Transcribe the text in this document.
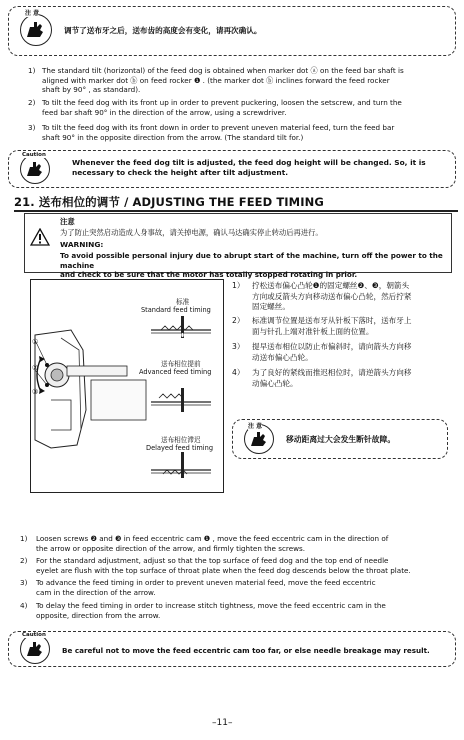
注 意
调节了送布牙之后，送布齿的高度会有变化，请再次确认。
1) The standard tilt (horizontal) of the feed dog is obtained when marker dot ⓐ on the feed bar shaft is
aligned with marker dot ⓑ on feed rocker ❶ . (the marker dot ⓑ inclines forward the feed rocker
shaft by 90° , as standard).
2) To tilt the feed dog with its front up in order to prevent puckering, loosen the setscrew, and turn the
feed bar shaft 90° in the direction of the arrow, using a screwdriver.
3) To tilt the feed dog with its front down in order to prevent uneven material feed, turn the feed bar
shaft 90° in the opposite direction from the arrow. (The standard tilt for.)
Caution
Whenever the feed dog tilt is adjusted, the feed dog height will be changed. So, it is
necessary to check the height after tilt adjustment.
21. 送布相位的调节 / ADJUSTING THE FEED TIMING
注意
为了防止突然启动造成人身事故，请关掉电源，确认马达确实停止转动后再进行。
WARNING:
To avoid possible personal injury due to abrupt start of the machine, turn off the power to the machine
and check to be sure that the motor has totally stopped rotating in prior.
标准
Standard feed timing
送布相位提前
Advanced feed timing
送布相位滞迟
Delayed feed timing
①
②
③
1） 拧松送布偏心凸轮❶的固定螺丝❷、❸，朝箭头
方向或反箭头方向移动送布偏心凸轮，然后拧紧
固定螺丝。
2） 标准调节位置是送布牙从针板下落时，送布牙上
面与针孔上端对准针板上面的位置。
3） 提早送布相位以防止布偏斜时，请向箭头方向移
动送布偏心凸轮。
4） 为了良好的紧线而推迟相位时，请逆箭头方向移
动偏心凸轮。
注 意
移动距离过大会发生断针故障。
1) Loosen screws ❷ and ❸ in feed eccentric cam ❶ , move the feed eccentric cam in the direction of
the arrow or opposite direction of the arrow, and firmly tighten the screws.
2) For the standard adjustment, adjust so that the top surface of feed dog and the top end of needle
eyelet are flush with the top surface of throat plate when the feed dog descends below the throat plate.
3) To advance the feed timing in order to prevent uneven material feed, move the feed eccentric
cam in the direction of the arrow.
4) To delay the feed timing in order to increase stitch tightness, move the feed eccentric cam in the
opposite, direction from the arrow.
Caution
Be careful not to move the feed eccentric cam too far, or else needle breakage may result.
–11–
